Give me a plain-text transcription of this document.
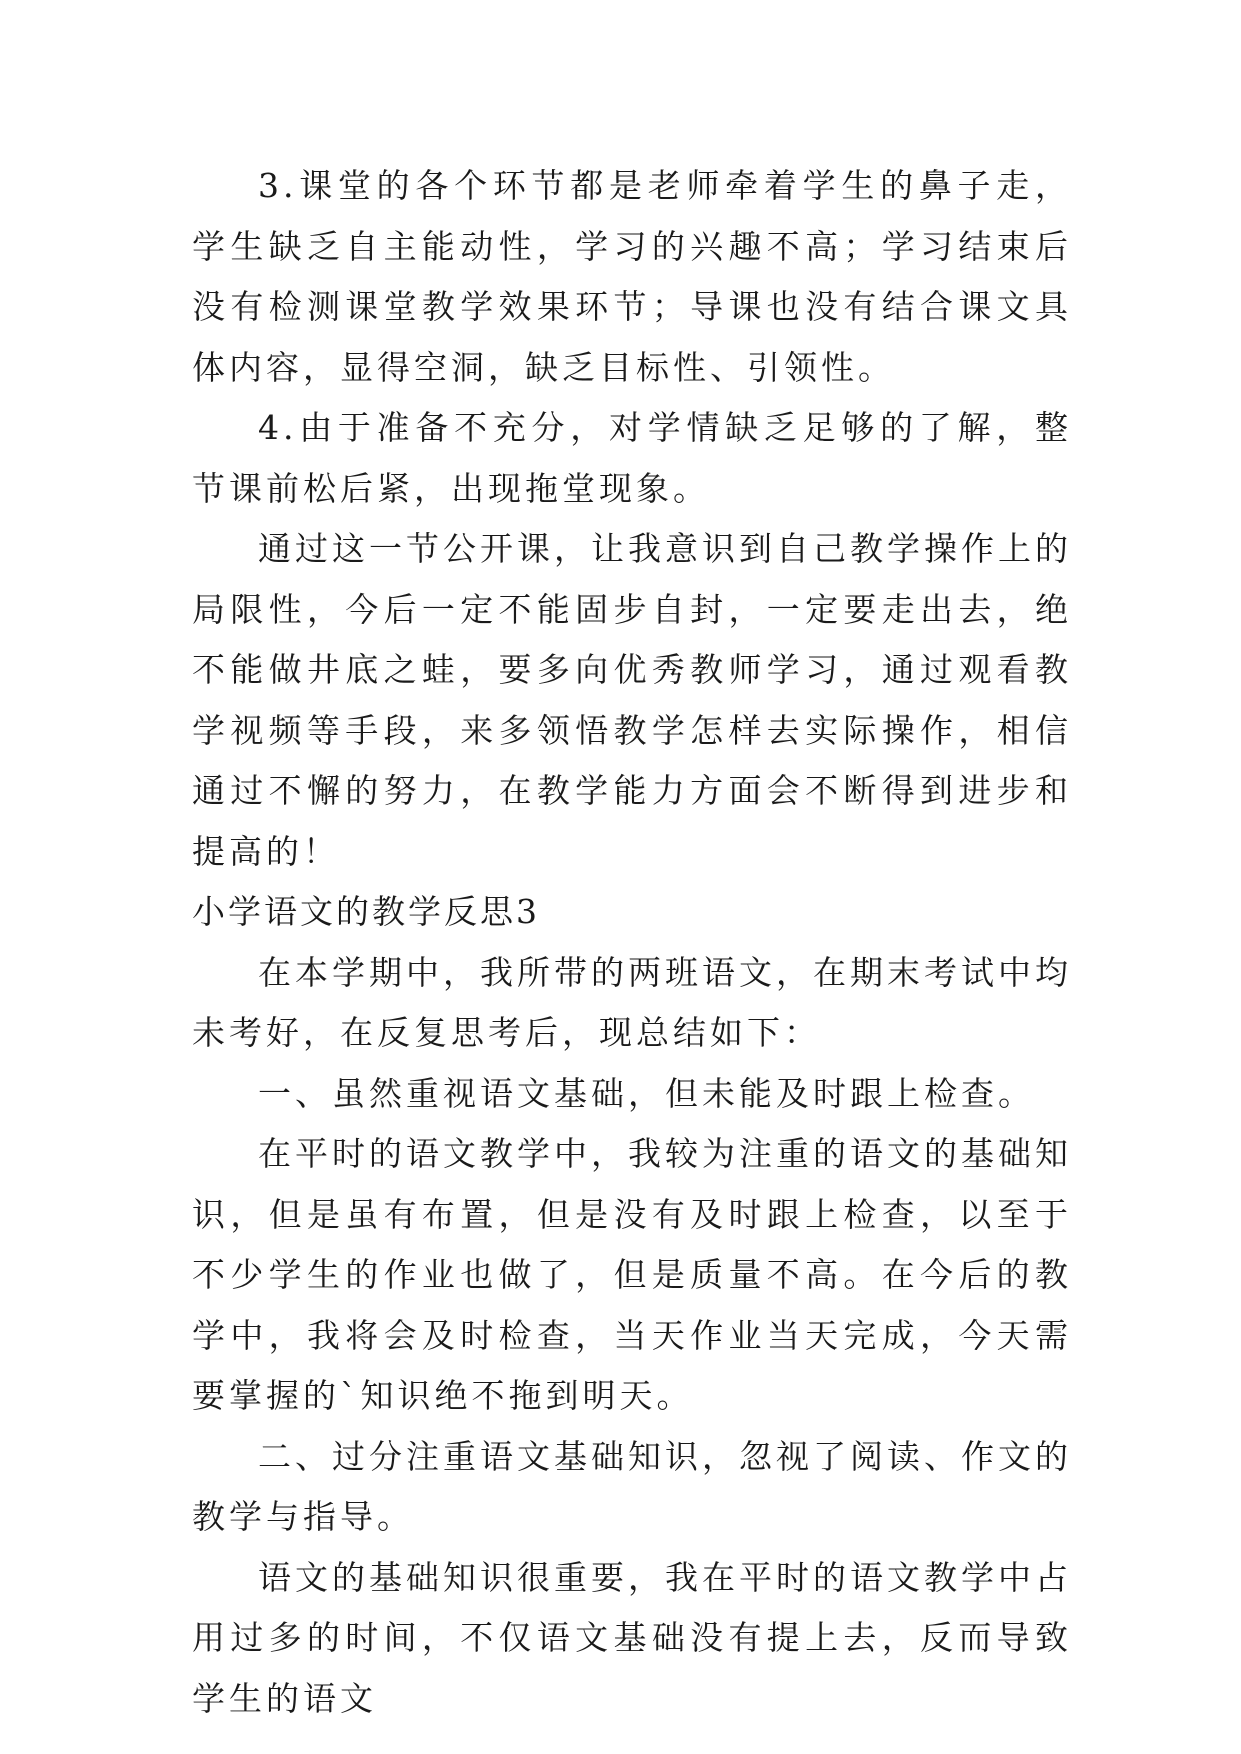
3.课堂的各个环节都是老师牵着学生的鼻子走，学生缺乏自主能动性，学习的兴趣不高；学习结束后没有检测课堂教学效果环节；导课也没有结合课文具体内容，显得空洞，缺乏目标性、引领性。

4.由于准备不充分，对学情缺乏足够的了解，整节课前松后紧，出现拖堂现象。

通过这一节公开课，让我意识到自己教学操作上的局限性，今后一定不能固步自封，一定要走出去，绝不能做井底之蛙，要多向优秀教师学习，通过观看教学视频等手段，来多领悟教学怎样去实际操作，相信通过不懈的努力，在教学能力方面会不断得到进步和提高的！

小学语文的教学反思3

在本学期中，我所带的两班语文，在期末考试中均未考好，在反复思考后，现总结如下：

一、虽然重视语文基础，但未能及时跟上检查。

在平时的语文教学中，我较为注重的语文的基础知识，但是虽有布置，但是没有及时跟上检查，以至于不少学生的作业也做了，但是质量不高。在今后的教学中，我将会及时检查，当天作业当天完成，今天需要掌握的`知识绝不拖到明天。

二、过分注重语文基础知识，忽视了阅读、作文的教学与指导。

语文的基础知识很重要，我在平时的语文教学中占用过多的时间，不仅语文基础没有提上去，反而导致学生的语文
